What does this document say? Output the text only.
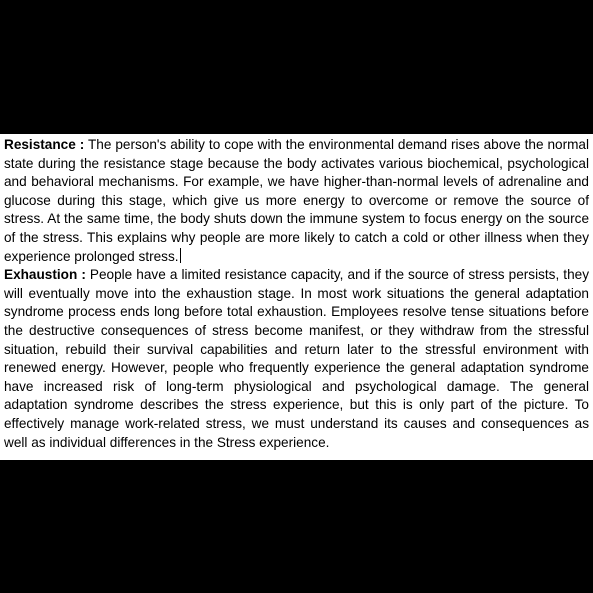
Resistance : The person's ability to cope with the environmental demand rises above the normal state during the resistance stage because the body activates various biochemical, psychological and behavioral mechanisms. For example, we have higher-than-normal levels of adrenaline and glucose during this stage, which give us more energy to overcome or remove the source of stress. At the same time, the body shuts down the immune system to focus energy on the source of the stress. This explains why people are more likely to catch a cold or other illness when they experience prolonged stress.

Exhaustion : People have a limited resistance capacity, and if the source of stress persists, they will eventually move into the exhaustion stage. In most work situations the general adaptation syndrome process ends long before total exhaustion. Employees resolve tense situations before the destructive consequences of stress become manifest, or they withdraw from the stressful situation, rebuild their survival capabilities and return later to the stressful environment with renewed energy. However, people who frequently experience the general adaptation syndrome have increased risk of long-term physiological and psychological damage. The general adaptation syndrome describes the stress experience, but this is only part of the picture. To effectively manage work-related stress, we must understand its causes and consequences as well as individual differences in the Stress experience.
